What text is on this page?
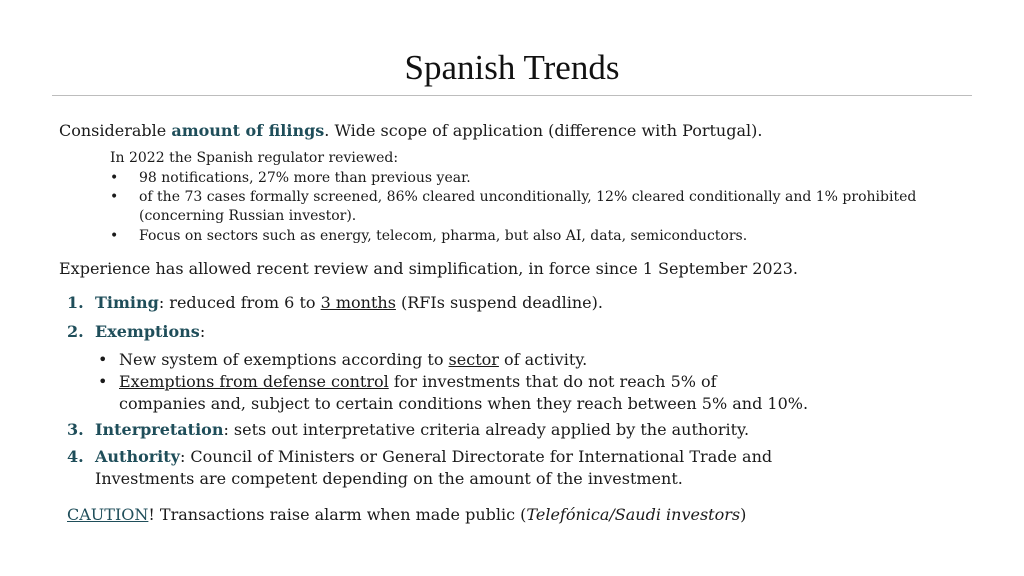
Spanish Trends
Considerable amount of filings. Wide scope of application (difference with Portugal).
In 2022 the Spanish regulator reviewed:
• 98 notifications, 27% more than previous year.
• of the 73 cases formally screened, 86% cleared unconditionally, 12% cleared conditionally and 1% prohibited
(concerning Russian investor).
• Focus on sectors such as energy, telecom, pharma, but also AI, data, semiconductors.
Experience has allowed recent review and simplification, in force since 1 September 2023.
1. Timing: reduced from 6 to 3 months (RFIs suspend deadline).
2. Exemptions:
• New system of exemptions according to sector of activity.
• Exemptions from defense control for investments that do not reach 5% of
companies and, subject to certain conditions when they reach between 5% and 10%.
3. Interpretation: sets out interpretative criteria already applied by the authority.
4. Authority: Council of Ministers or General Directorate for International Trade and
Investments are competent depending on the amount of the investment.
CAUTION! Transactions raise alarm when made public (Telefónica/Saudi investors)
